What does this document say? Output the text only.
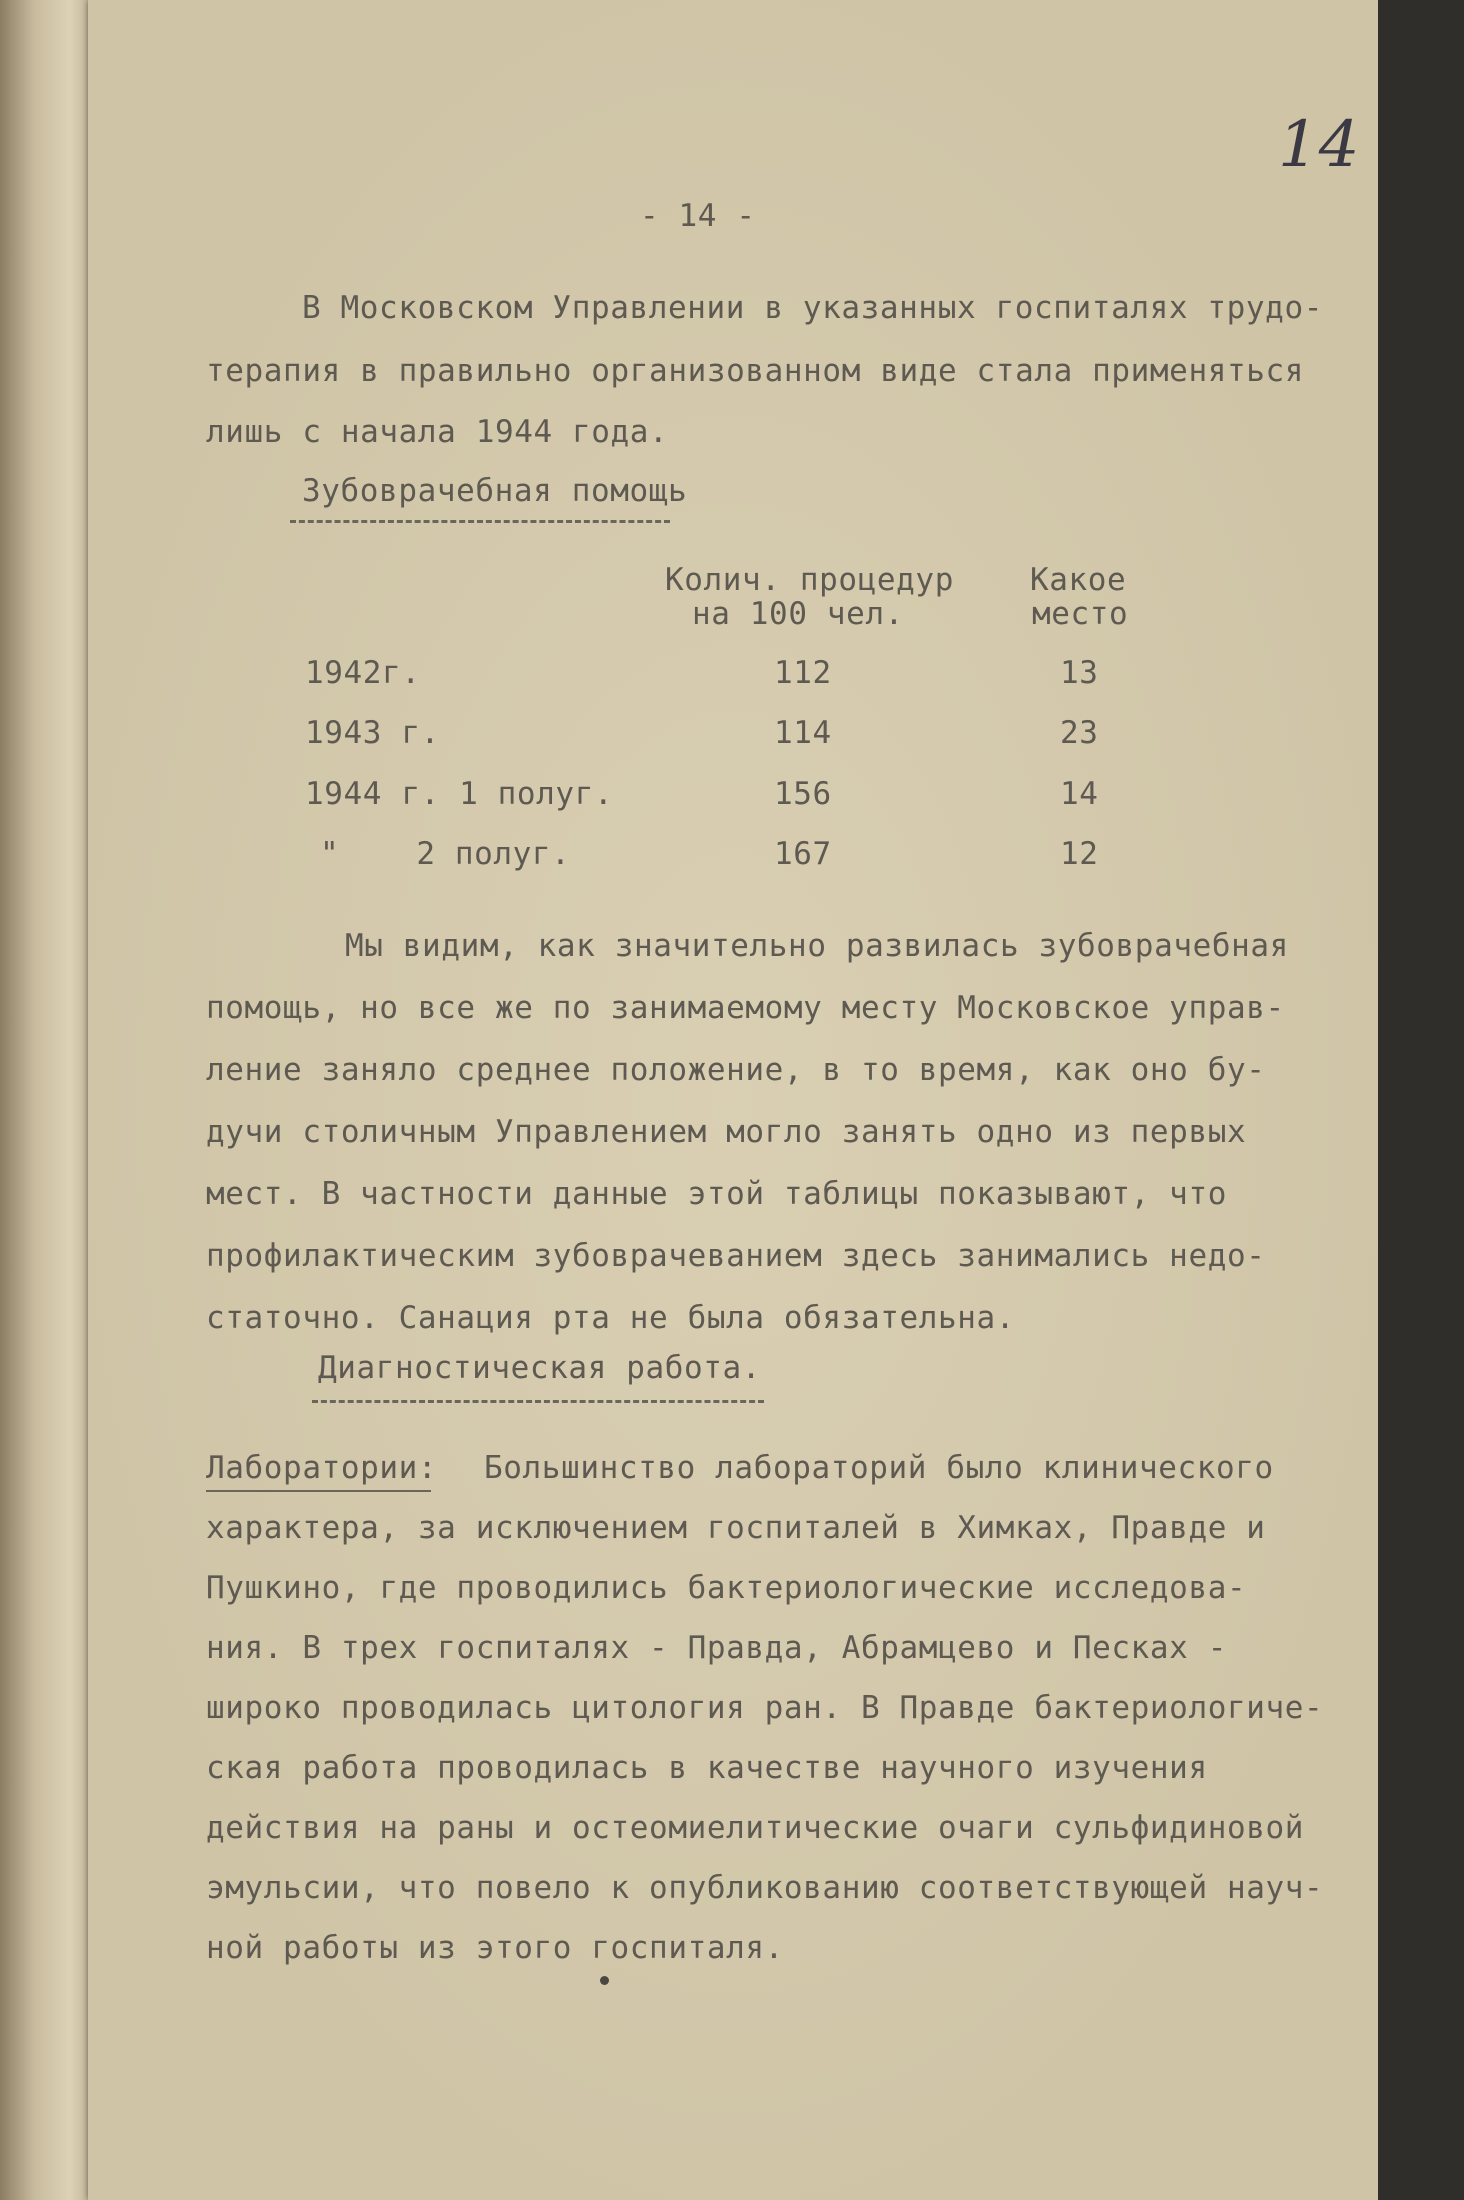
14
- 14 -
В Московском Управлении в указанных госпиталях трудо-
терапия в правильно организованном виде стала применяться
лишь с начала 1944 года.
Зубоврачебная помощь
Колич. процедур
на 100 чел.
Какое
место
1942г.	112	13
1943 г.	114	23
1944 г. 1 полуг.	156	14
"    2 полуг.	167	12
Мы видим, как значительно развилась зубоврачебная
помощь, но все же по занимаемому месту Московское управ-
ление заняло среднее положение, в то время, как оно бу-
дучи столичным Управлением могло занять одно из первых
мест. В частности данные этой таблицы показывают, что
профилактическим зубоврачеванием здесь занимались недо-
статочно. Санация рта не была обязательна.
Диагностическая работа.
Лаборатории: Большинство лабораторий было клинического
характера, за исключением госпиталей в Химках, Правде и
Пушкино, где проводились бактериологические исследова-
ния. В трех госпиталях - Правда, Абрамцево и Песках -
широко проводилась цитология ран. В Правде бактериологиче-
ская работа проводилась в качестве научного изучения
действия на раны и остеомиелитические очаги сульфидиновой
эмульсии, что повело к опубликованию соответствующей науч-
ной работы из этого госпиталя.
